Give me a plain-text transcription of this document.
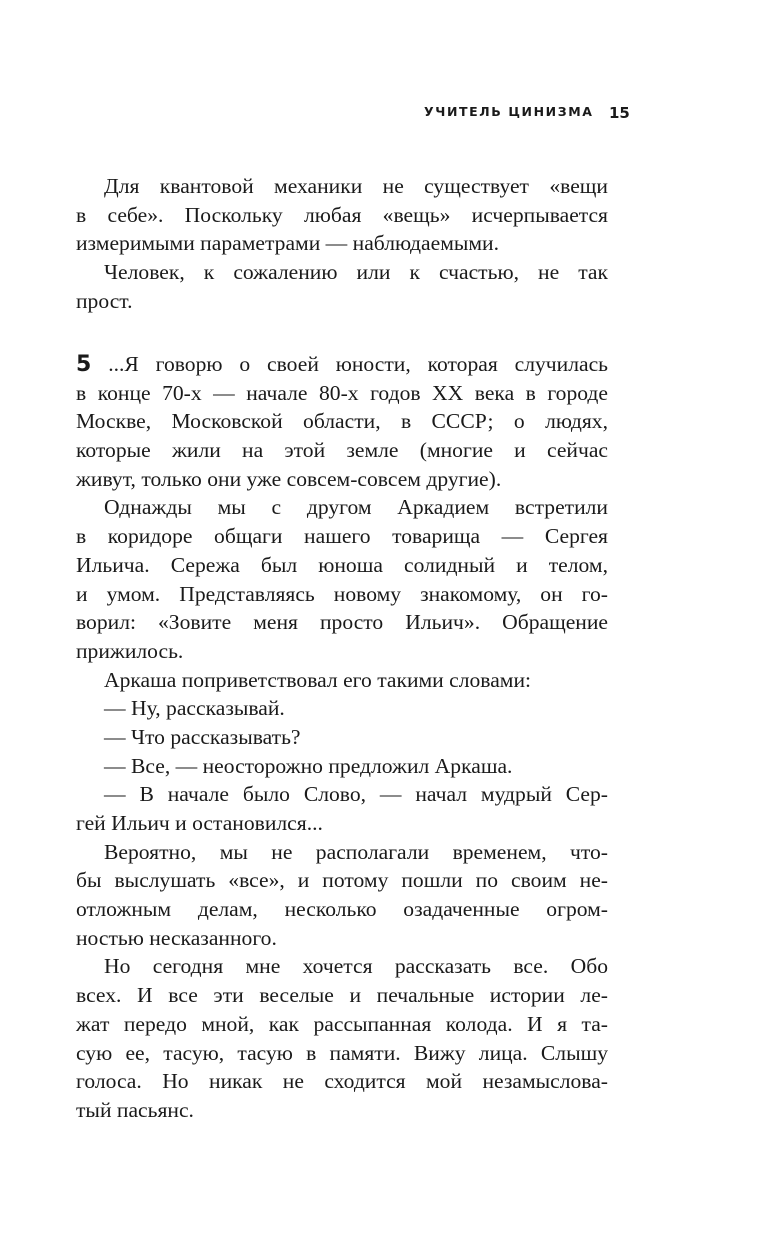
УЧИТЕЛЬ ЦИНИЗМА 15
Для квантовой механики не существует «вещи
в себе». Поскольку любая «вещь» исчерпывается
измеримыми параметрами — наблюдаемыми.
Человек, к сожалению или к счастью, не так
прост.
5 ...Я говорю о своей юности, которая случилась
в конце 70-х — начале 80-х годов XX века в городе
Москве, Московской области, в СССР; о людях,
которые жили на этой земле (многие и сейчас
живут, только они уже совсем-совсем другие).
Однажды мы с другом Аркадием встретили
в коридоре общаги нашего товарища — Сергея
Ильича. Сережа был юноша солидный и телом,
и умом. Представляясь новому знакомому, он го-
ворил: «Зовите меня просто Ильич». Обращение
прижилось.
Аркаша поприветствовал его такими словами:
— Ну, рассказывай.
— Что рассказывать?
— Все, — неосторожно предложил Аркаша.
— В начале было Слово, — начал мудрый Сер-
гей Ильич и остановился...
Вероятно, мы не располагали временем, что-
бы выслушать «все», и потому пошли по своим не-
отложным делам, несколько озадаченные огром-
ностью несказанного.
Но сегодня мне хочется рассказать все. Обо
всех. И все эти веселые и печальные истории ле-
жат передо мной, как рассыпанная колода. И я та-
сую ее, тасую, тасую в памяти. Вижу лица. Слышу
голоса. Но никак не сходится мой незамыслова-
тый пасьянс.
